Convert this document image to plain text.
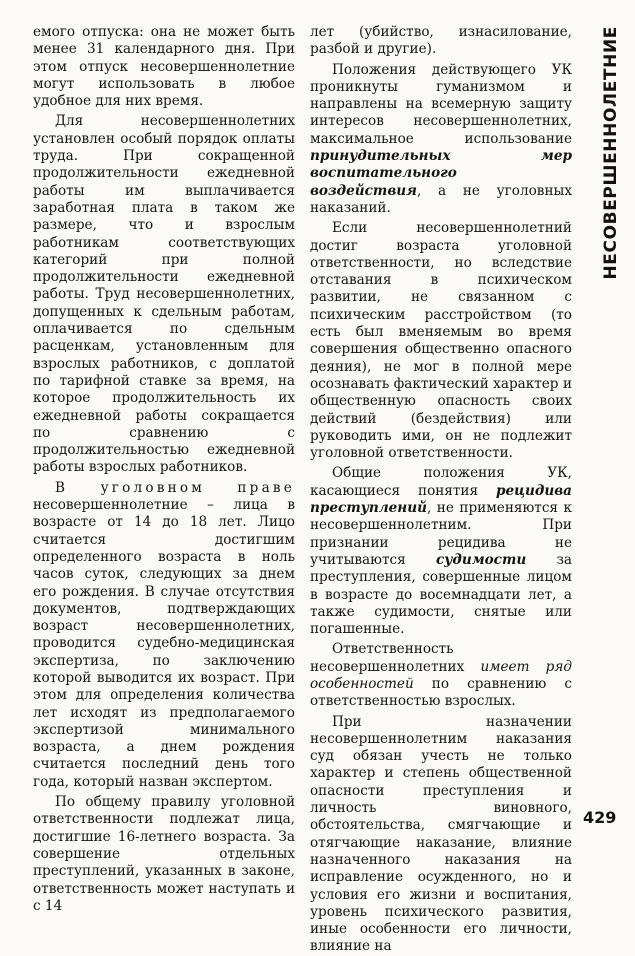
НЕСОВЕРШЕННОЛЕТНИЕ

емого отпуска: она не может быть менее 31 календарного дня. При этом отпуск несовершеннолетние могут использовать в любое удобное для них время.

Для несовершеннолетних установлен особый порядок оплаты труда. При сокращенной продолжительности ежедневной работы им выплачивается заработная плата в таком же размере, что и взрослым работникам соответствующих категорий при полной продолжительности ежедневной работы. Труд несовершеннолетних, допущенных к сдельным работам, оплачивается по сдельным расценкам, установленным для взрослых работников, с доплатой по тарифной ставке за время, на которое продолжительность их ежедневной работы сокращается по сравнению с продолжительностью ежедневной работы взрослых работников.

В уголовном праве несовершеннолетние – лица в возрасте от 14 до 18 лет. Лицо считается достигшим определенного возраста в ноль часов суток, следующих за днем его рождения. В случае отсутствия документов, подтверждающих возраст несовершеннолетних, проводится судебно-медицинская экспертиза, по заключению которой выводится их возраст. При этом для определения количества лет исходят из предполагаемого экспертизой минимального возраста, а днем рождения считается последний день того года, который назван экспертом.

По общему правилу уголовной ответственности подлежат лица, достигшие 16-летнего возраста. За совершение отдельных преступлений, указанных в законе, ответственность может наступать и с 14

лет (убийство, изнасилование, разбой и другие).

Положения действующего УК проникнуты гуманизмом и направлены на всемерную защиту интересов несовершеннолетних, максимальное использование принудительных мер воспитательного воздействия, а не уголовных наказаний.

Если несовершеннолетний достиг возраста уголовной ответственности, но вследствие отставания в психическом развитии, не связанном с психическим расстройством (то есть был вменяемым во время совершения общественно опасного деяния), не мог в полной мере осознавать фактический характер и общественную опасность своих действий (бездействия) или руководить ими, он не подлежит уголовной ответственности.

Общие положения УК, касающиеся понятия рецидива преступлений, не применяются к несовершеннолетним. При признании рецидива не учитываются судимости за преступления, совершенные лицом в возрасте до восемнадцати лет, а также судимости, снятые или погашенные.

Ответственность несовершеннолетних имеет ряд особенностей по сравнению с ответственностью взрослых.

При назначении несовершеннолетним наказания суд обязан учесть не только характер и степень общественной опасности преступления и личность виновного, обстоятельства, смягчающие и отягчающие наказание, влияние назначенного наказания на исправление осужденного, но и условия его жизни и воспитания, уровень психического развития, иные особенности его личности, влияние на

429
